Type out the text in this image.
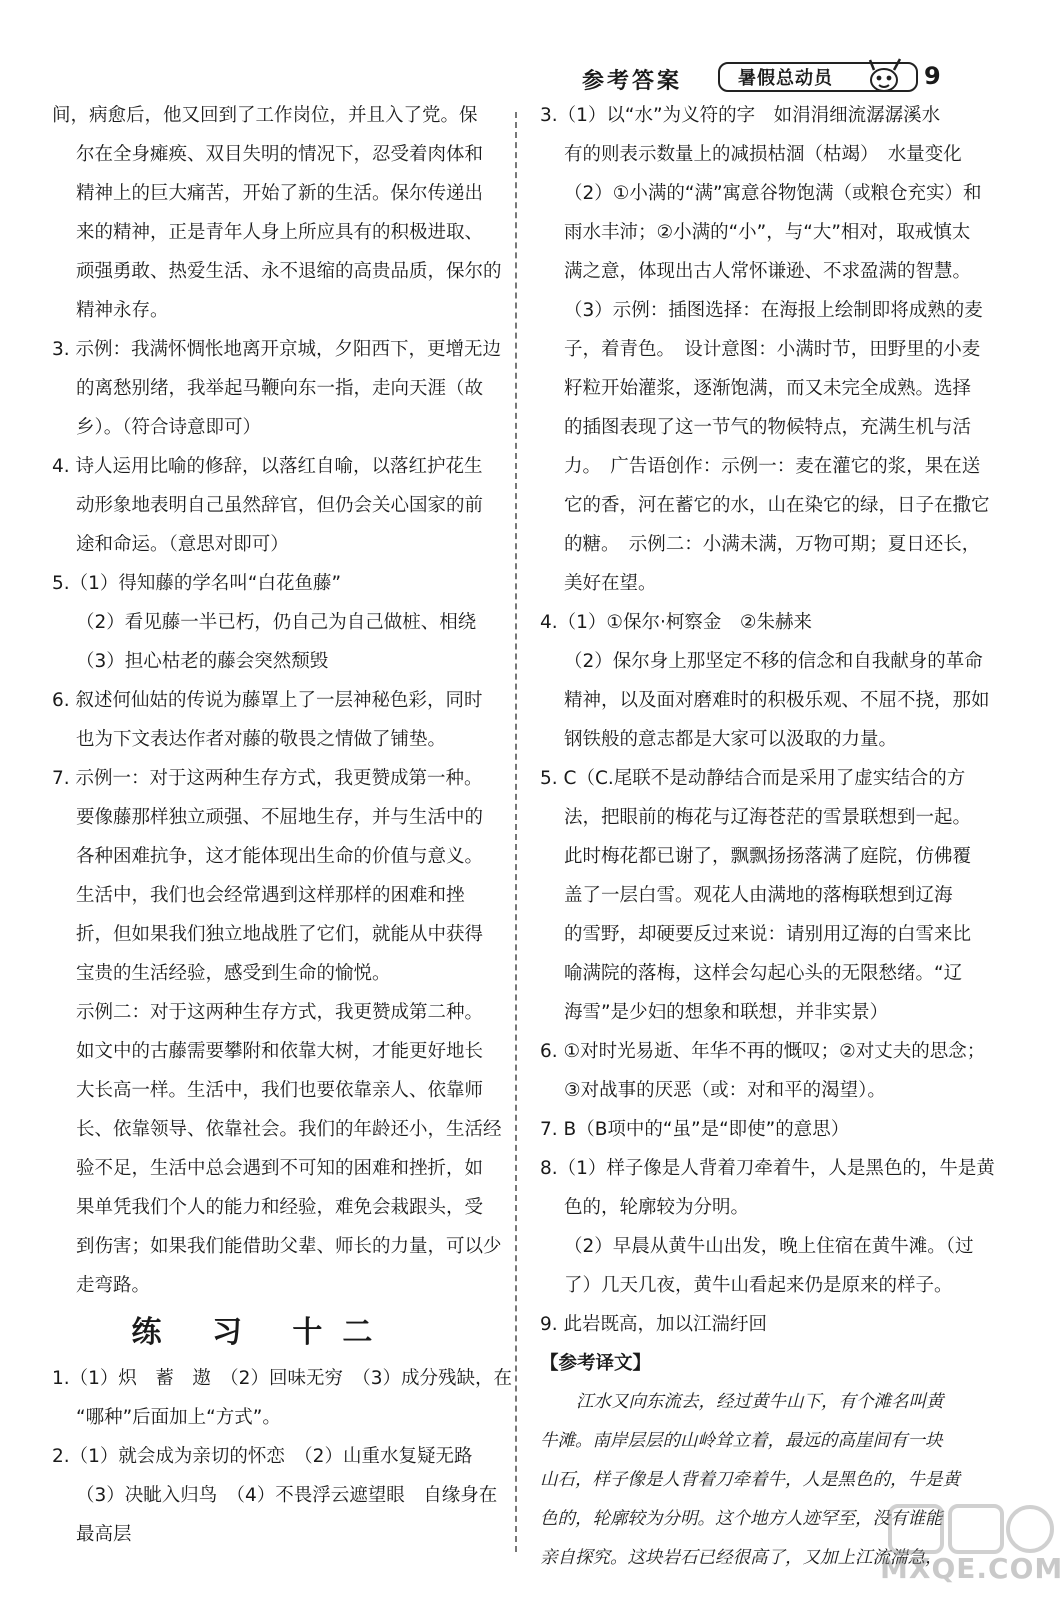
参考答案	暑假总动员	9

间，病愈后，他又回到了工作岗位，并且入了党。保

尔在全身瘫痪、双目失明的情况下，忍受着肉体和

精神上的巨大痛苦，开始了新的生活。保尔传递出

来的精神，正是青年人身上所应具有的积极进取、

顽强勇敢、热爱生活、永不退缩的高贵品质，保尔的

精神永存。

3. 示例：我满怀惆怅地离开京城，夕阳西下，更增无边

的离愁别绪，我举起马鞭向东一指，走向天涯（故

乡）。（符合诗意即可）

4. 诗人运用比喻的修辞，以落红自喻，以落红护花生

动形象地表明自己虽然辞官，但仍会关心国家的前

途和命运。（意思对即可）

5.（1）得知藤的学名叫“白花鱼藤”

（2）看见藤一半已朽，仍自己为自己做桩、相绕

（3）担心枯老的藤会突然颓毁

6. 叙述何仙姑的传说为藤罩上了一层神秘色彩，同时

也为下文表达作者对藤的敬畏之情做了铺垫。

7. 示例一：对于这两种生存方式，我更赞成第一种。

要像藤那样独立顽强、不屈地生存，并与生活中的

各种困难抗争，这才能体现出生命的价值与意义。

生活中，我们也会经常遇到这样那样的困难和挫

折，但如果我们独立地战胜了它们，就能从中获得

宝贵的生活经验，感受到生命的愉悦。

示例二：对于这两种生存方式，我更赞成第二种。

如文中的古藤需要攀附和依靠大树，才能更好地长

大长高一样。生活中，我们也要依靠亲人、依靠师

长、依靠领导、依靠社会。我们的年龄还小，生活经

验不足，生活中总会遇到不可知的困难和挫折，如

果单凭我们个人的能力和经验，难免会栽跟头，受

到伤害；如果我们能借助父辈、师长的力量，可以少

走弯路。

练 习 十二

1.（1）炽　蓄　遨　（2）回味无穷　（3）成分残缺，在

“哪种”后面加上“方式”。

2.（1）就会成为亲切的怀恋　（2）山重水复疑无路

（3）决眦入归鸟　（4）不畏浮云遮望眼　自缘身在

最高层

3.（1）以“水”为义符的字　如涓涓细流潺潺溪水

有的则表示数量上的减损枯涸（枯竭）　水量变化

（2）①小满的“满”寓意谷物饱满（或粮仓充实）和

雨水丰沛；②小满的“小”，与“大”相对，取戒慎太

满之意，体现出古人常怀谦逊、不求盈满的智慧。

（3）示例：插图选择：在海报上绘制即将成熟的麦

子，着青色。　设计意图：小满时节，田野里的小麦

籽粒开始灌浆，逐渐饱满，而又未完全成熟。选择

的插图表现了这一节气的物候特点，充满生机与活

力。　广告语创作：示例一：麦在灌它的浆，果在送

它的香，河在蓄它的水，山在染它的绿，日子在撒它

的糖。　示例二：小满未满，万物可期；夏日还长，

美好在望。

4.（1）①保尔·柯察金　②朱赫来

（2）保尔身上那坚定不移的信念和自我献身的革命

精神，以及面对磨难时的积极乐观、不屈不挠，那如

钢铁般的意志都是大家可以汲取的力量。

5. C（C.尾联不是动静结合而是采用了虚实结合的方

法，把眼前的梅花与辽海苍茫的雪景联想到一起。

此时梅花都已谢了，飘飘扬扬落满了庭院，仿佛覆

盖了一层白雪。观花人由满地的落梅联想到辽海

的雪野，却硬要反过来说：请别用辽海的白雪来比

喻满院的落梅，这样会勾起心头的无限愁绪。“辽

海雪”是少妇的想象和联想，并非实景）

6. ①对时光易逝、年华不再的慨叹；②对丈夫的思念；

③对战事的厌恶（或：对和平的渴望）。

7. B（B项中的“虽”是“即使”的意思）

8.（1）样子像是人背着刀牵着牛，人是黑色的，牛是黄

色的，轮廓较为分明。

（2）早晨从黄牛山出发，晚上住宿在黄牛滩。（过

了）几天几夜，黄牛山看起来仍是原来的样子。

9. 此岩既高，加以江湍纡回

【参考译文】

江水又向东流去，经过黄牛山下，有个滩名叫黄

牛滩。南岸层层的山岭耸立着，最远的高崖间有一块

山石，样子像是人背着刀牵着牛，人是黑色的，牛是黄

色的，轮廓较为分明。这个地方人迹罕至，没有谁能

亲自探究。这块岩石已经很高了，又加上江流湍急，

MXQE.COM
